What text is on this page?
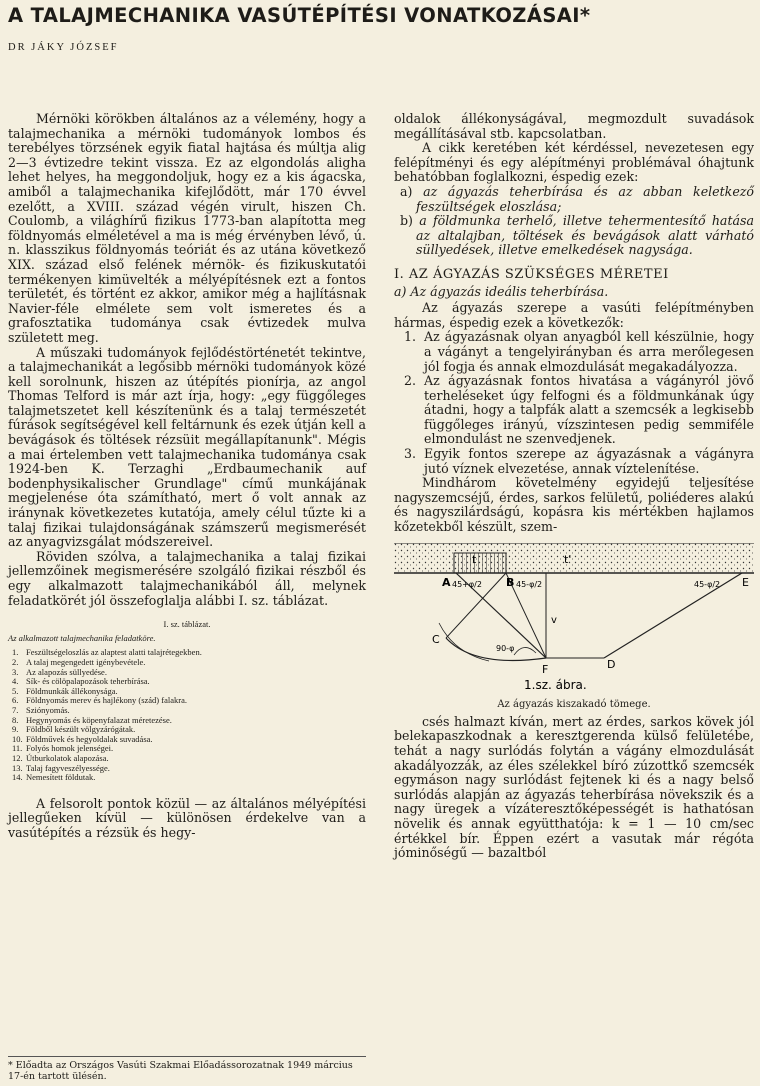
A TALAJMECHANIKA VASÚTÉPÍTÉSI VONATKOZÁSAI*
DR JÁKY JÓZSEF

Mérnöki körökben általános az a vélemény, hogy a talajmechanika a mérnöki tudományok lombos és terebélyes törzsének egyik fiatal hajtása és múltja alig 2—3 évtizedre tekint vissza. Ez az elgondolás aligha lehet helyes, ha meggondoljuk, hogy ez a kis ágacska, amiből a talajmechanika kifejlődött, már 170 évvel ezelőtt, a XVIII. század végén virult, hiszen Ch. Coulomb, a világhírű fizikus 1773-ban alapította meg földnyomás elméletével a ma is még érvényben lévő, ú. n. klasszikus földnyomás teóriát és az utána következő XIX. század első felének mérnök- és fizikuskutatói termékenyen kimüvelték a mélyépítésnek ezt a fontos területét, és történt ez akkor, amikor még a hajlításnak Navier-féle elmélete sem volt ismeretes és a grafosztatika tudománya csak évtizedek mulva született meg.

A műszaki tudományok fejlődéstörténetét tekintve, a talajmechanikát a legősibb mérnöki tudományok közé kell sorolnunk, hiszen az útépítés pionírja, az angol Thomas Telford is már azt írja, hogy: „egy függőleges talajmetszetet kell készítenünk és a talaj természetét fúrások segítségével kell feltárnunk és ezek útján kell a bevágások és töltések rézsüit megállapítanunk". Mégis a mai értelemben vett talajmechanika tudománya csak 1924-ben K. Terzaghi „Erdbaumechanik auf bodenphysikalischer Grundlage" című munkájának megjelenése óta számítható, mert ő volt annak az iránynak következetes kutatója, amely célul tűzte ki a talaj fizikai tulajdonságának számszerű megismerését az anyagvizsgálat módszereivel.

Röviden szólva, a talajmechanika a talaj fizikai jellemzőinek megismerésére szolgáló fizikai részből és egy alkalmazott talajmechanikából áll, melynek feladatkörét jól összefoglalja alábbi I. sz. táblázat.

I. sz. táblázat.
Az alkalmazott talajmechanika feladatköre.
1. Feszültségeloszlás az alaptest alatti talajrétegekben.
2. A talaj megengedett igénybevétele.
3. Az alapozás süllyedése.
4. Sík- és cölöpalapozások teherbírása.
5. Földmunkák állékonysága.
6. Földnyomás merev és hajlékony (szád) falakra.
7. Sziónyomás.
8. Hegynyomás és köpenyfalazat méretezése.
9. Földből készült völgyzárógátak.
10. Földművek és hegyoldalak suvadása.
11. Folyós homok jelenségei.
12. Útburkolatok alapozása.
13. Talaj fagyveszélyessége.
14. Nemesített földutak.

A felsorolt pontok közül — az általános mélyépítési jellegűeken kívül — különösen érdekelve van a vasútépítés a rézsük és hegy-

* Előadta az Országos Vasúti Szakmai Előadássorozatnak 1949 március 17-én tartott ülésén.

oldalok állékonyságával, megmozdult suvadások megállításával stb. kapcsolatban.

A cikk keretében két kérdéssel, nevezetesen egy felépítményi és egy alépítményi problémával óhajtunk behatóbban foglalkozni, éspedig ezek:

a) az ágyazás teherbírása és az abban keletkező feszültségek eloszlása;

b) a földmunka terhelő, illetve tehermentesítő hatása az altalajban, töltések és bevágások alatt várható süllyedések, illetve emelkedések nagysága.

I. AZ ÁGYAZÁS SZÜKSÉGES MÉRETEI
a) Az ágyazás ideális teherbírása.

Az ágyazás szerepe a vasúti felépítményben hármas, éspedig ezek a következők:

1. Az ágyazásnak olyan anyagból kell készülnie, hogy a vágányt a tengelyirányban és arra merőlegesen jól fogja és annak elmozdulását megakadályozza.
2. Az ágyazásnak fontos hivatása a vágányról jövő terheléseket úgy felfogni és a földmunkának úgy átadni, hogy a talpfák alatt a szemcsék a legkisebb függőleges irányú, vízszintesen pedig semmiféle elmondulást ne szenvedjenek.
3. Egyik fontos szerepe az ágyazásnak a vágányra jutó víznek elvezetése, annak víztelenítése.

Mindhárom követelmény egyidejű teljesítése nagyszemcséjű, érdes, sarkos felületű, poliéderes alakú és nagyszilárdságú, kopásra kis mértékben hajlamos kőzetekből készült, szem-

t	t'
A	B
C
D
E
F
v
45+φ/2	45-φ/2	45-φ/2
90-φ
1.sz. ábra.
Az ágyazás kiszakadó tömege.

csés halmazt kíván, mert az érdes, sarkos kövek jól belekapaszkodnak a keresztgerenda külső felületébe, tehát a nagy surlódás folytán a vágány elmozdulását akadályozzák, az éles szélekkel bíró zúzottkő szemcsék egymáson nagy surlódást fejtenek ki és a nagy belső surlódás alapján az ágyazás teherbírása növekszik és a nagy üregek a vízáteresztőképességét is hathatósan növelik és annak együtthatója: k = 1 — 10 cm/sec értékkel bír. Éppen ezért a vasutak már régóta jóminőségű — bazaltból
